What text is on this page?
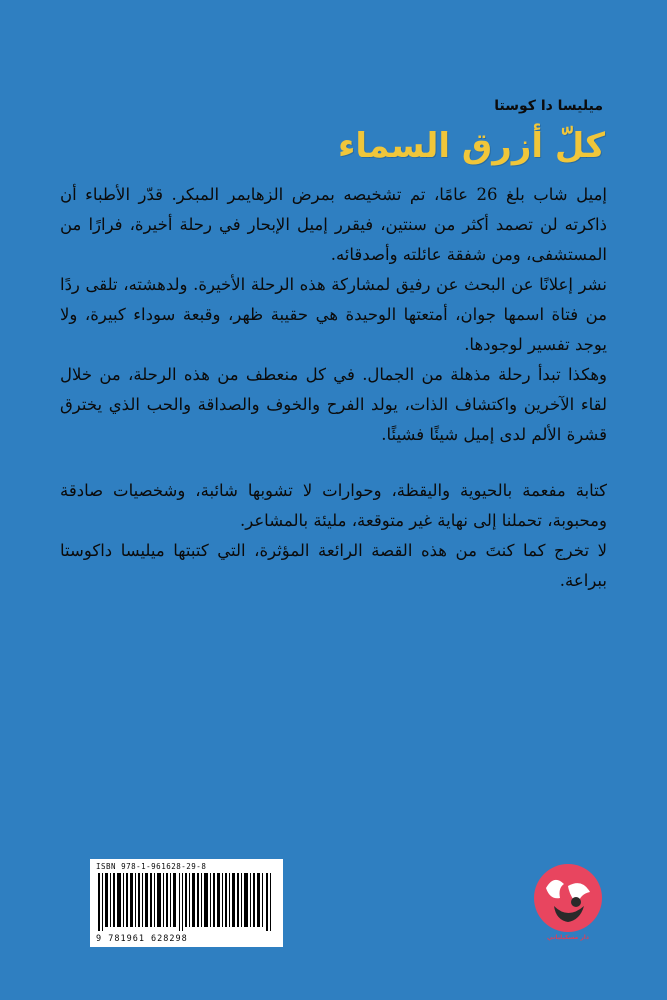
ميليسا دا كوستا
كلّ أزرق السماء

إميل شاب بلغ 26 عامًا، تم تشخيصه بمرض الزهايمر المبكر. قدّر الأطباء أن ذاكرته لن تصمد أكثر من سنتين، فيقرر إميل الإبحار في رحلة أخيرة، فرارًا من المستشفى، ومن شفقة عائلته وأصدقائه.

نشر إعلانًا عن البحث عن رفيق لمشاركة هذه الرحلة الأخيرة. ولدهشته، تلقى ردًا من فتاة اسمها جوان، أمتعتها الوحيدة هي حقيبة ظهر، وقبعة سوداء كبيرة، ولا يوجد تفسير لوجودها.

وهكذا تبدأ رحلة مذهلة من الجمال. في كل منعطف من هذه الرحلة، من خلال لقاء الآخرين واكتشاف الذات، يولد الفرح والخوف والصداقة والحب الذي يخترق قشرة الألم لدى إميل شيئًا فشيئًا.

كتابة مفعمة بالحيوية واليقظة، وحوارات لا تشوبها شائبة، وشخصيات صادقة ومحبوبة، تحملنا إلى نهاية غير متوقعة، مليئة بالمشاعر.

لا تخرج كما كنتَ من هذه القصة الرائعة المؤثرة، التي كتبتها ميليسا داكوستا ببراعة.

ISBN 978-1-961628-29-8
9 781961 628298	دار مسكيلياني
